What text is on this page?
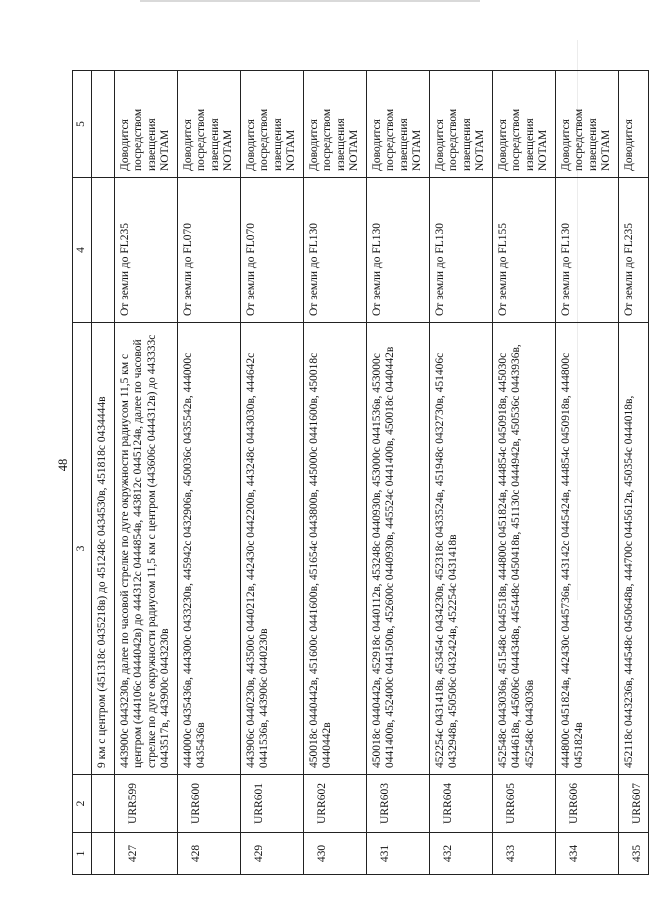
48
1	2	3	4	5
		9 км с центром (451318с 0435218в) до 451248с 0434530в, 451818с 0434444в		
427	URR599	443900с 0443230в, далее по часовой стрелке по дуге окружности радиусом 11,5 км с центром (444106с 0444042в) до 444312с 0444854в, 443812с 0445124в, далее по часовой стрелке по дуге окружности радиусом 11,5 км с центром (443606с 0444312в) до 443333с 0443517в, 443900с 0443230в	От земли до FL235	Доводится посредством извещения NOTAM
428	URR600	444000с 0435436в, 444300с 0433230в, 445942с 0432906в, 450036с 0435542в, 444000с 0435436в	От земли до FL070	Доводится посредством извещения NOTAM
429	URR601	443906с 0440230в, 443500с 0440212в, 442430с 0442200в, 443248с 0443030в, 444642с 0441536в, 443906с 0440230в	От земли до FL070	Доводится посредством извещения NOTAM
430	URR602	450018с 0440442в, 451600с 0441600в, 451654с 0443800в, 445000с 0441600в, 450018с 0440442в	От земли до FL130	Доводится посредством извещения NOTAM
431	URR603	450018с 0440442в, 452918с 0440112в, 453248с 0440930в, 453000с 0441536в, 453000с 0441400в, 452400с 0441500в, 452600с 0440930в, 445524с 0441400в, 450018с 0440442в	От земли до FL130	Доводится посредством извещения NOTAM
432	URR604	452254с 0431418в, 453454с 0434230в, 452318с 0433524в, 451948с 0432730в, 451406с 0432948в, 450506с 0432424в, 452254с 0431418в	От земли до FL130	Доводится посредством извещения NOTAM
433	URR605	452548с 0443036в, 451548с 0445518в, 444800с 0451824в, 444854с 0450918в, 445030с 0444618в, 445606с 0444348в, 445448с 0450418в, 451130с 0444942в, 450536с 0443936в, 452548с 0443036в	От земли до FL155	Доводится посредством извещения NOTAM
434	URR606	444800с 0451824в, 442430с 0445736в, 443142с 0445424в, 444854с 0450918в, 444800с 0451824в	От земли до FL130	Доводится посредством извещения NOTAM
435	URR607	452118с 0443236в, 444548с 0450648в, 444700с 0445612в, 450354с 0444018в,	От земли до FL235	Доводится
